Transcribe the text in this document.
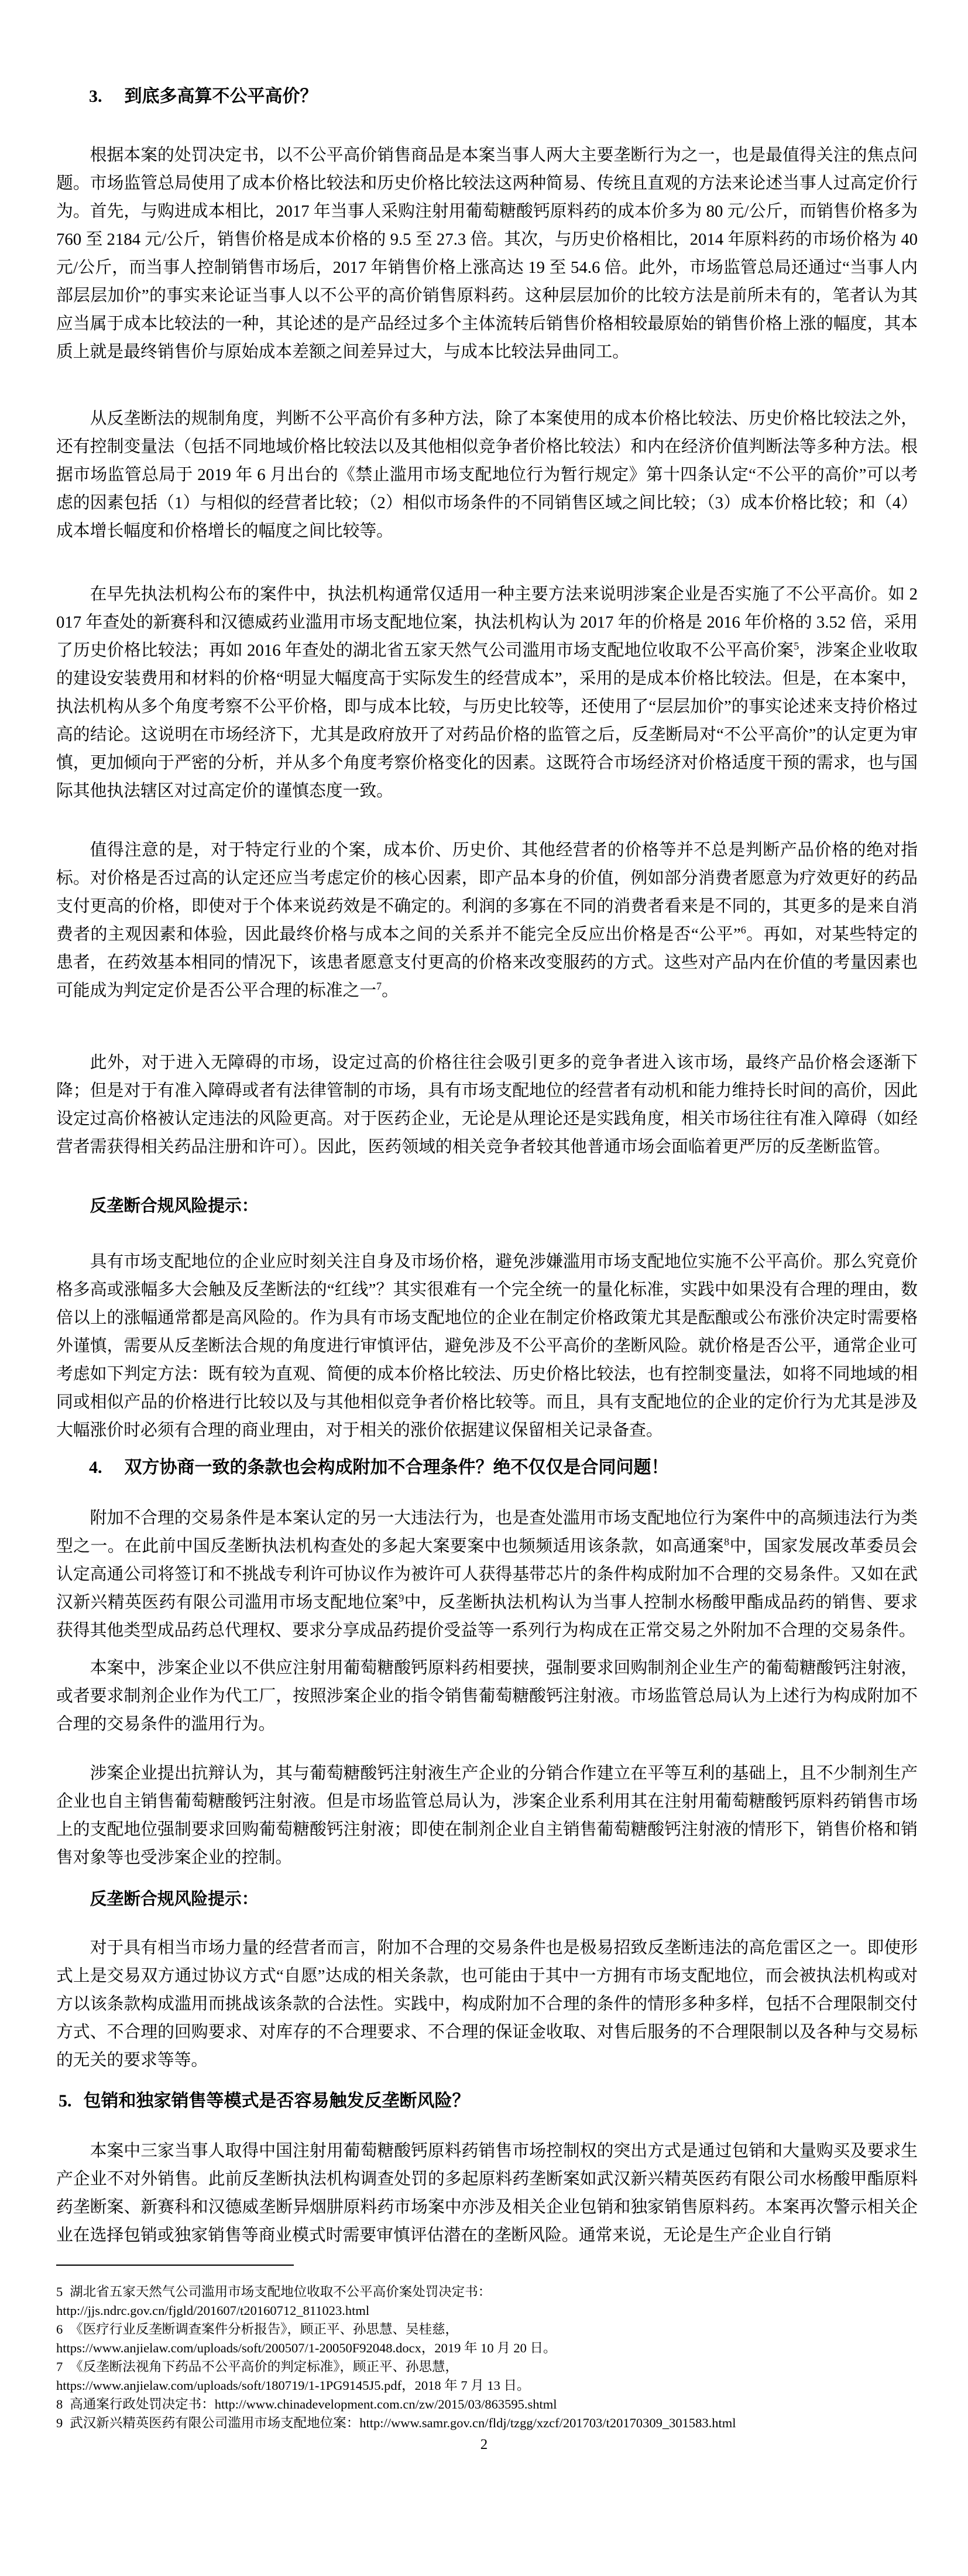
3. 到底多高算不公平高价？

根据本案的处罚决定书，以不公平高价销售商品是本案当事人两大主要垄断行为之一，也是最值得关注的焦点问题。市场监管总局使用了成本价格比较法和历史价格比较法这两种简易、传统且直观的方法来论述当事人过高定价行为。首先，与购进成本相比，2017 年当事人采购注射用葡萄糖酸钙原料药的成本价多为 80 元/公斤，而销售价格多为 760 至 2184 元/公斤，销售价格是成本价格的 9.5 至 27.3 倍。其次，与历史价格相比，2014 年原料药的市场价格为 40 元/公斤，而当事人控制销售市场后，2017 年销售价格上涨高达 19 至 54.6 倍。此外，市场监管总局还通过“当事人内部层层加价”的事实来论证当事人以不公平的高价销售原料药。这种层层加价的比较方法是前所未有的，笔者认为其应当属于成本比较法的一种，其论述的是产品经过多个主体流转后销售价格相较最原始的销售价格上涨的幅度，其本质上就是最终销售价与原始成本差额之间差异过大，与成本比较法异曲同工。

从反垄断法的规制角度，判断不公平高价有多种方法，除了本案使用的成本价格比较法、历史价格比较法之外，还有控制变量法（包括不同地域价格比较法以及其他相似竞争者价格比较法）和内在经济价值判断法等多种方法。根据市场监管总局于 2019 年 6 月出台的《禁止滥用市场支配地位行为暂行规定》第十四条认定“不公平的高价”可以考虑的因素包括（1）与相似的经营者比较；（2）相似市场条件的不同销售区域之间比较；（3）成本价格比较；和（4）成本增长幅度和价格增长的幅度之间比较等。

在早先执法机构公布的案件中，执法机构通常仅适用一种主要方法来说明涉案企业是否实施了不公平高价。如 2017 年查处的新赛科和汉德威药业滥用市场支配地位案，执法机构认为 2017 年的价格是 2016 年价格的 3.52 倍，采用了历史价格比较法；再如 2016 年查处的湖北省五家天然气公司滥用市场支配地位收取不公平高价案$^5$，涉案企业收取的建设安装费用和材料的价格“明显大幅度高于实际发生的经营成本”，采用的是成本价格比较法。但是，在本案中，执法机构从多个角度考察不公平价格，即与成本比较，与历史比较等，还使用了“层层加价”的事实论述来支持价格过高的结论。这说明在市场经济下，尤其是政府放开了对药品价格的监管之后，反垄断局对“不公平高价”的认定更为审慎，更加倾向于严密的分析，并从多个角度考察价格变化的因素。这既符合市场经济对价格适度干预的需求，也与国际其他执法辖区对过高定价的谨慎态度一致。

值得注意的是，对于特定行业的个案，成本价、历史价、其他经营者的价格等并不总是判断产品价格的绝对指标。对价格是否过高的认定还应当考虑定价的核心因素，即产品本身的价值，例如部分消费者愿意为疗效更好的药品支付更高的价格，即使对于个体来说药效是不确定的。利润的多寡在不同的消费者看来是不同的，其更多的是来自消费者的主观因素和体验，因此最终价格与成本之间的关系并不能完全反应出价格是否“公平”$^6$。再如，对某些特定的患者，在药效基本相同的情况下，该患者愿意支付更高的价格来改变服药的方式。这些对产品内在价值的考量因素也可能成为判定定价是否公平合理的标准之一$^7$。

此外，对于进入无障碍的市场，设定过高的价格往往会吸引更多的竞争者进入该市场，最终产品价格会逐渐下降；但是对于有准入障碍或者有法律管制的市场，具有市场支配地位的经营者有动机和能力维持长时间的高价，因此设定过高价格被认定违法的风险更高。对于医药企业，无论是从理论还是实践角度，相关市场往往有准入障碍（如经营者需获得相关药品注册和许可）。因此，医药领域的相关竞争者较其他普通市场会面临着更严厉的反垄断监管。

反垄断合规风险提示：

具有市场支配地位的企业应时刻关注自身及市场价格，避免涉嫌滥用市场支配地位实施不公平高价。那么究竟价格多高或涨幅多大会触及反垄断法的“红线”？其实很难有一个完全统一的量化标准，实践中如果没有合理的理由，数倍以上的涨幅通常都是高风险的。作为具有市场支配地位的企业在制定价格政策尤其是酝酿或公布涨价决定时需要格外谨慎，需要从反垄断法合规的角度进行审慎评估，避免涉及不公平高价的垄断风险。就价格是否公平，通常企业可考虑如下判定方法：既有较为直观、简便的成本价格比较法、历史价格比较法，也有控制变量法，如将不同地域的相同或相似产品的价格进行比较以及与其他相似竞争者价格比较等。而且，具有支配地位的企业的定价行为尤其是涉及大幅涨价时必须有合理的商业理由，对于相关的涨价依据建议保留相关记录备查。

4. 双方协商一致的条款也会构成附加不合理条件？绝不仅仅是合同问题！

附加不合理的交易条件是本案认定的另一大违法行为，也是查处滥用市场支配地位行为案件中的高频违法行为类型之一。在此前中国反垄断执法机构查处的多起大案要案中也频频适用该条款，如高通案$^8$中，国家发展改革委员会认定高通公司将签订和不挑战专利许可协议作为被许可人获得基带芯片的条件构成附加不合理的交易条件。又如在武汉新兴精英医药有限公司滥用市场支配地位案$^9$中，反垄断执法机构认为当事人控制水杨酸甲酯成品药的销售、要求获得其他类型成品药总代理权、要求分享成品药提价受益等一系列行为构成在正常交易之外附加不合理的交易条件。

本案中，涉案企业以不供应注射用葡萄糖酸钙原料药相要挟，强制要求回购制剂企业生产的葡萄糖酸钙注射液，或者要求制剂企业作为代工厂，按照涉案企业的指令销售葡萄糖酸钙注射液。市场监管总局认为上述行为构成附加不合理的交易条件的滥用行为。

涉案企业提出抗辩认为，其与葡萄糖酸钙注射液生产企业的分销合作建立在平等互利的基础上，且不少制剂生产企业也自主销售葡萄糖酸钙注射液。但是市场监管总局认为，涉案企业系利用其在注射用葡萄糖酸钙原料药销售市场上的支配地位强制要求回购葡萄糖酸钙注射液；即使在制剂企业自主销售葡萄糖酸钙注射液的情形下，销售价格和销售对象等也受涉案企业的控制。

反垄断合规风险提示：

对于具有相当市场力量的经营者而言，附加不合理的交易条件也是极易招致反垄断违法的高危雷区之一。即使形式上是交易双方通过协议方式“自愿”达成的相关条款，也可能由于其中一方拥有市场支配地位，而会被执法机构或对方以该条款构成滥用而挑战该条款的合法性。实践中，构成附加不合理的条件的情形多种多样，包括不合理限制交付方式、不合理的回购要求、对库存的不合理要求、不合理的保证金收取、对售后服务的不合理限制以及各种与交易标的无关的要求等等。

5. 包销和独家销售等模式是否容易触发反垄断风险？

本案中三家当事人取得中国注射用葡萄糖酸钙原料药销售市场控制权的突出方式是通过包销和大量购买及要求生产企业不对外销售。此前反垄断执法机构调查处罚的多起原料药垄断案如武汉新兴精英医药有限公司水杨酸甲酯原料药垄断案、新赛科和汉德威垄断异烟肼原料药市场案中亦涉及相关企业包销和独家销售原料药。本案再次警示相关企业在选择包销或独家销售等商业模式时需要审慎评估潜在的垄断风险。通常来说，无论是生产企业自行销

5 湖北省五家天然气公司滥用市场支配地位收取不公平高价案处罚决定书：
http://jjs.ndrc.gov.cn/fjgld/201607/t20160712_811023.html
6 《医疗行业反垄断调查案件分析报告》，顾正平、孙思慧、吴桂慈，
https://www.anjielaw.com/uploads/soft/200507/1-20050F92048.docx，2019 年 10 月 20 日。
7 《反垄断法视角下药品不公平高价的判定标准》，顾正平、孙思慧，
https://www.anjielaw.com/uploads/soft/180719/1-1PG9145J5.pdf，2018 年 7 月 13 日。
8 高通案行政处罚决定书：http://www.chinadevelopment.com.cn/zw/2015/03/863595.shtml
9 武汉新兴精英医药有限公司滥用市场支配地位案：http://www.samr.gov.cn/fldj/tzgg/xzcf/201703/t20170309_301583.html
2
